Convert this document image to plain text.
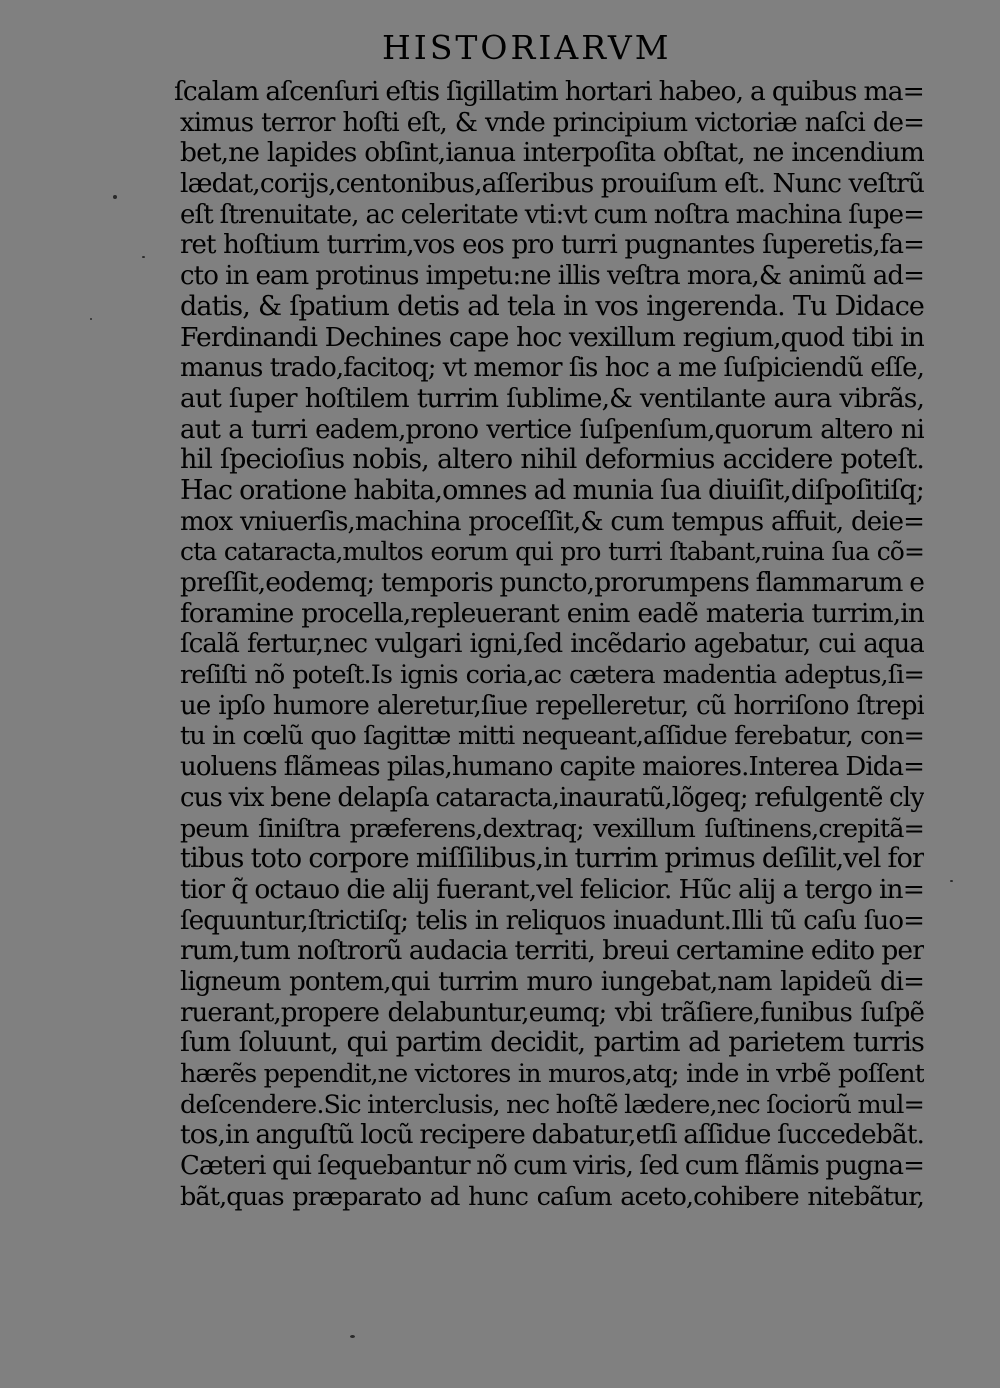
HISTORIARVM
ſcalam aſcenſuri eſtis ſigillatim hortari habeo, a quibus ma=
ximus terror hoſti eſt, & vnde principium victoriæ naſci de=
bet,ne lapides obſint,ianua interpoſita obſtat, ne incendium
lædat,corijs,centonibus,aſſeribus prouiſum eſt. Nunc veſtrũ
eſt ſtrenuitate, ac celeritate vti:vt cum noſtra machina ſupe=
ret hoſtium turrim,vos eos pro turri pugnantes ſuperetis,fa=
cto in eam protinus impetu:ne illis veſtra mora,& animũ ad=
datis, & ſpatium detis ad tela in vos ingerenda. Tu Didace
Ferdinandi Dechines cape hoc vexillum regium,quod tibi in
manus trado,facitoq; vt memor ſis hoc a me ſuſpiciendũ eſſe,
aut ſuper hoſtilem turrim ſublime,& ventilante aura vibrãs,
aut a turri eadem,prono vertice ſuſpenſum,quorum altero ni
hil ſpecioſius nobis, altero nihil deformius accidere poteſt.
Hac oratione habita,omnes ad munia ſua diuiſit,diſpoſitiſq;
mox vniuerſis,machina proceſſit,& cum tempus affuit, deie=
cta cataracta,multos eorum qui pro turri ſtabant,ruina ſua cõ=
preſſit,eodemq; temporis puncto,prorumpens flammarum e
foramine procella,repleuerant enim eadẽ materia turrim,in
ſcalã fertur,nec vulgari igni,ſed incẽdario agebatur, cui aqua
reſiſti nõ poteſt.Is ignis coria,ac cætera madentia adeptus,ſi=
ue ipſo humore aleretur,ſiue repelleretur, cũ horriſono ſtrepi
tu in cœlũ quo ſagittæ mitti nequeant,aſſidue ferebatur, con=
uoluens flãmeas pilas,humano capite maiores.Interea Dida=
cus vix bene delapſa cataracta,inauratũ,lõgeq; refulgentẽ cly
peum ſiniſtra præferens,dextraq; vexillum ſuſtinens,crepitã=
tibus toto corpore miſſilibus,in turrim primus deſilit,vel for
tior q̃ octauo die alij fuerant,vel felicior. Hũc alij a tergo in=
ſequuntur,ſtrictiſq; telis in reliquos inuadunt.Illi tũ caſu ſuo=
rum,tum noſtrorũ audacia territi, breui certamine edito per
ligneum pontem,qui turrim muro iungebat,nam lapideũ di=
ruerant,propere delabuntur,eumq; vbi trãſiere,funibus ſuſpẽ
ſum ſoluunt, qui partim decidit, partim ad parietem turris
hærẽs pependit,ne victores in muros,atq; inde in vrbẽ poſſent
deſcendere.Sic interclusis, nec hoſtẽ lædere,nec ſociorũ mul=
tos,in anguſtũ locũ recipere dabatur,etſi aſſidue ſuccedebãt.
Cæteri qui ſequebantur nõ cum viris, ſed cum flãmis pugna=
bãt,quas præparato ad hunc caſum aceto,cohibere nitebãtur,
